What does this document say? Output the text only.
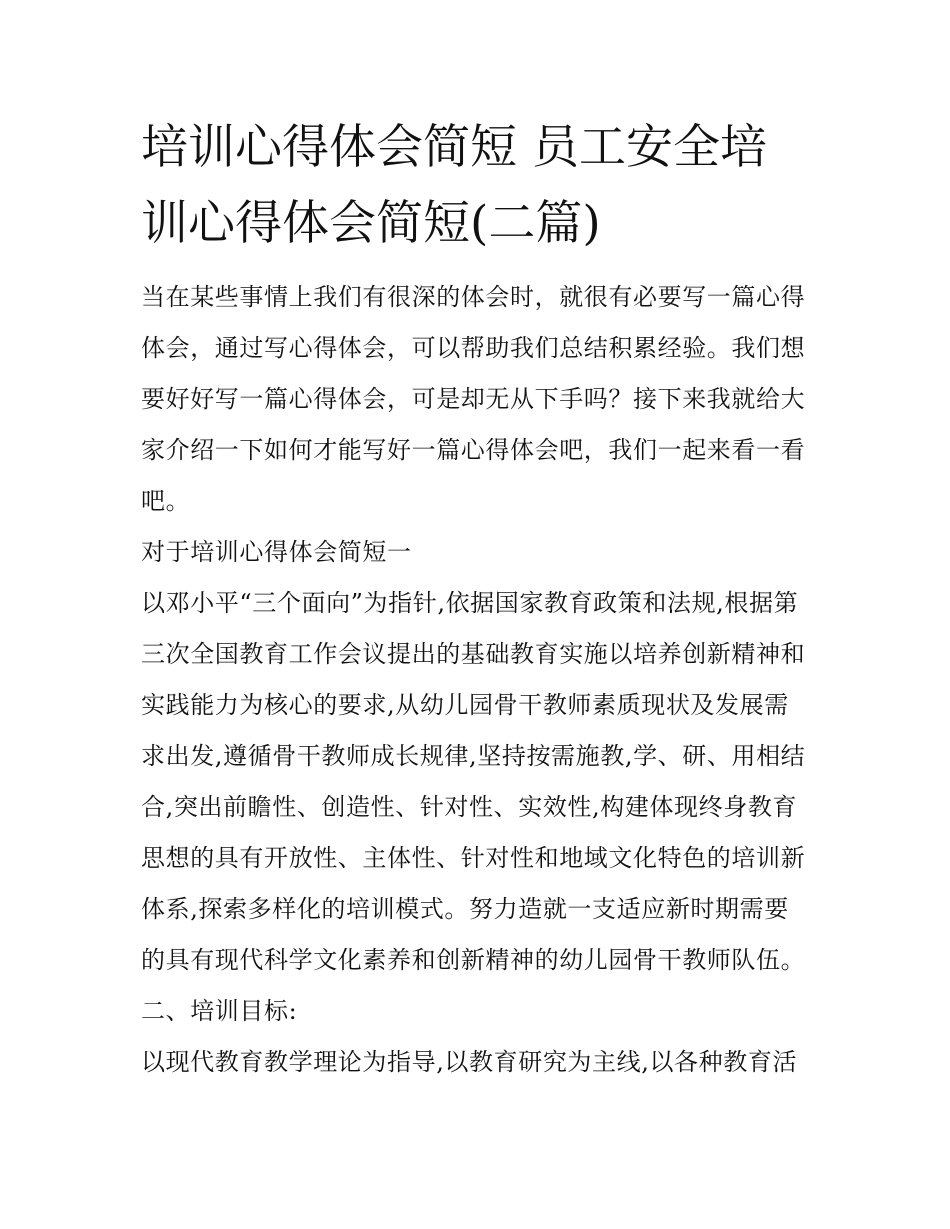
培训心得体会简短 员工安全培
训心得体会简短(二篇)

当在某些事情上我们有很深的体会时，就很有必要写一篇心得
体会，通过写心得体会，可以帮助我们总结积累经验。我们想
要好好写一篇心得体会，可是却无从下手吗？接下来我就给大
家介绍一下如何才能写好一篇心得体会吧，我们一起来看一看
吧。

对于培训心得体会简短一

以邓小平“三个面向”为指针,依据国家教育政策和法规,根据第
三次全国教育工作会议提出的基础教育实施以培养创新精神和
实践能力为核心的要求,从幼儿园骨干教师素质现状及发展需
求出发,遵循骨干教师成长规律,坚持按需施教,学、研、用相结
合,突出前瞻性、创造性、针对性、实效性,构建体现终身教育
思想的具有开放性、主体性、针对性和地域文化特色的培训新
体系,探索多样化的培训模式。努力造就一支适应新时期需要
的具有现代科学文化素养和创新精神的幼儿园骨干教师队伍。

二、培训目标:

以现代教育教学理论为指导,以教育研究为主线,以各种教育活
